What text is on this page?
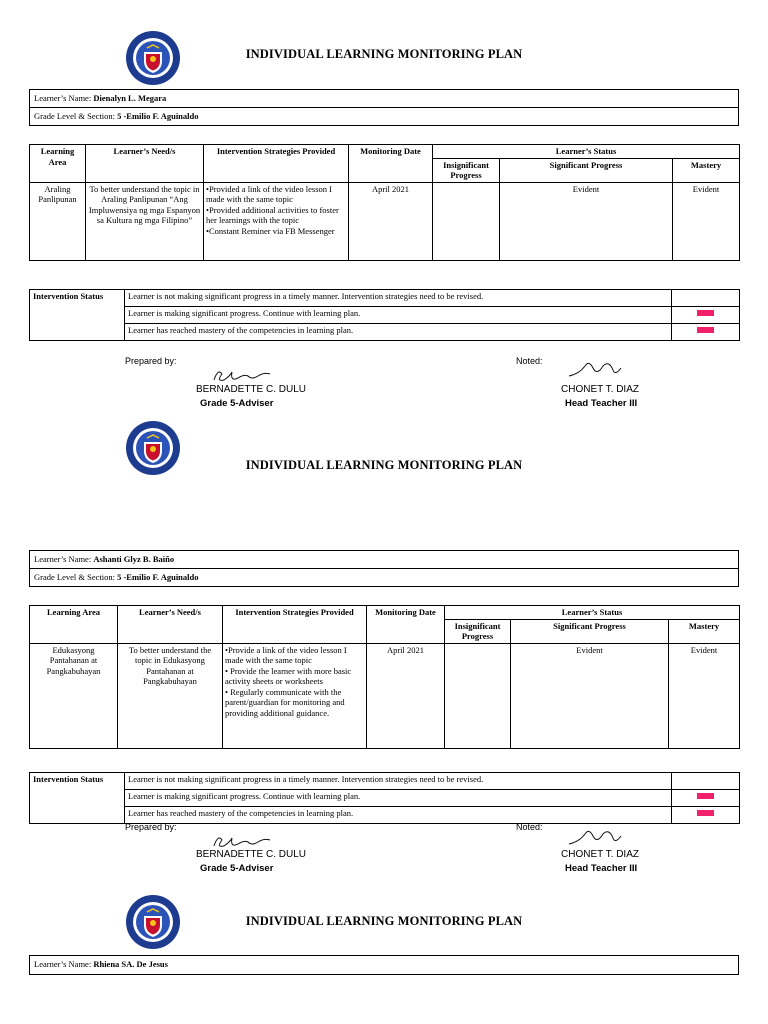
INDIVIDUAL LEARNING MONITORING PLAN
Learner’s Name: Dienalyn L. Megara
Grade Level & Section: 5 -Emilio F. Aguinaldo
Learning Area	Learner’s Need/s	Intervention Strategies Provided	Monitoring Date	Learner’s Status		
				Insignificant Progress	Significant Progress	Mastery
Araling Panlipunan	To better understand the topic in Araling Panlipunan “Ang Impluwensiya ng mga Espanyon sa Kultura ng mga Filipino”	•Provided a link of the video lesson I made with the same topic
•Provided additional activities to foster her learnings with the topic
•Constant Reminer via FB Messenger	April 2021		Evident	Evident
Intervention Status	Learner is not making significant progress in a timely manner. Intervention strategies need to be revised.	
	Learner is making significant progress. Continue with learning plan.	
	Learner has reached mastery of the competencies in learning plan.	
Prepared by:	Noted:
BERNADETTE C. DULU	CHONET T. DIAZ
Grade 5-Adviser	Head Teacher III
INDIVIDUAL LEARNING MONITORING PLAN
Learner’s Name: Ashanti Glyz B. Baiño
Grade Level & Section: 5 -Emilio F. Aguinaldo
Learning Area	Learner’s Need/s	Intervention Strategies Provided	Monitoring Date	Learner’s Status		
				Insignificant Progress	Significant Progress	Mastery
Edukasyong Pantahanan at Pangkabuhayan	To better understand the topic in Edukasyong Pantahanan at Pangkabuhayan	•Provide a link of the video lesson I made with the same topic
• Provide the learner with more basic activity sheets or worksheets
• Regularly communicate with the parent/guardian for monitoring and providing additional guidance.	April 2021		Evident	Evident
Intervention Status	Learner is not making significant progress in a timely manner. Intervention strategies need to be revised.	
	Learner is making significant progress. Continue with learning plan.	
	Learner has reached mastery of the competencies in learning plan.	
Prepared by:	Noted:
BERNADETTE C. DULU	CHONET T. DIAZ
Grade 5-Adviser	Head Teacher III
INDIVIDUAL LEARNING MONITORING PLAN
Learner’s Name: Rhiena SA. De Jesus
